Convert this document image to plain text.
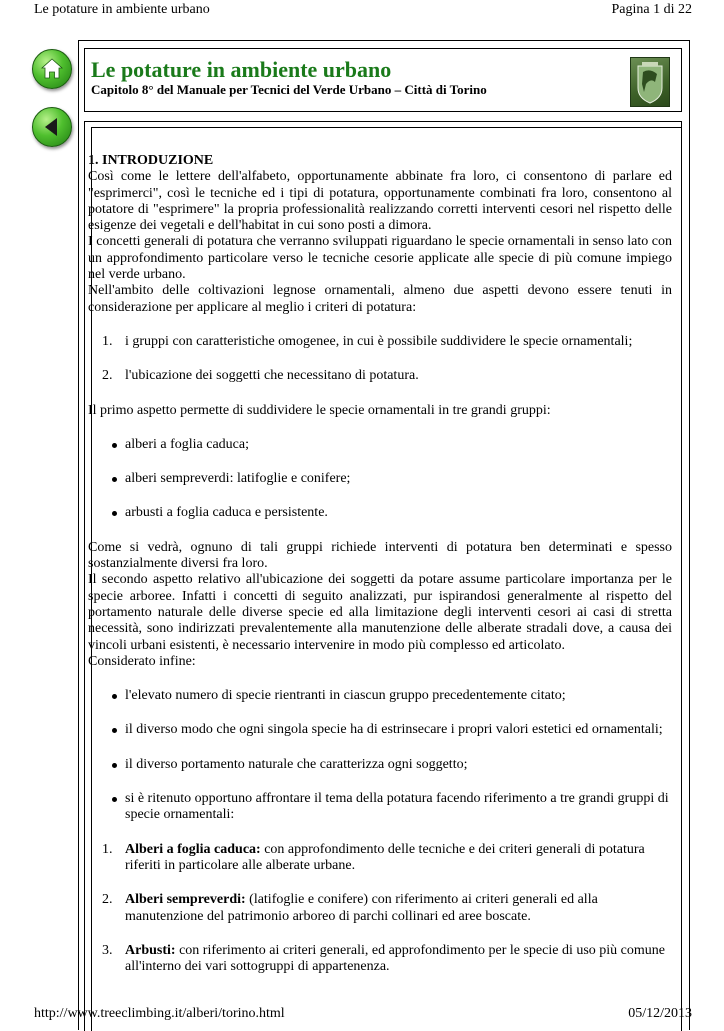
Le potature in ambiente urbano	Pagina 1 di 22
Le potature in ambiente urbano
Capitolo 8° del Manuale per Tecnici del Verde Urbano – Città di Torino
1. INTRODUZIONE

Così come le lettere dell'alfabeto, opportunamente abbinate fra loro, ci consentono di parlare ed "esprimerci", così le tecniche ed i tipi di potatura, opportunamente combinati fra loro, consentono al potatore di "esprimere" la propria professionalità realizzando corretti interventi cesori nel rispetto delle esigenze dei vegetali e dell'habitat in cui sono posti a dimora.

I concetti generali di potatura che verranno sviluppati riguardano le specie ornamentali in senso lato con un approfondimento particolare verso le tecniche cesorie applicate alle specie di più comune impiego nel verde urbano.

Nell'ambito delle coltivazioni legnose ornamentali, almeno due aspetti devono essere tenuti in considerazione per applicare al meglio i criteri di potatura:

1. i gruppi con caratteristiche omogenee, in cui è possibile suddividere le specie ornamentali;
2. l'ubicazione dei soggetti che necessitano di potatura.

Il primo aspetto permette di suddividere le specie ornamentali in tre grandi gruppi:

alberi a foglia caduca;
alberi sempreverdi: latifoglie e conifere;
arbusti a foglia caduca e persistente.

Come si vedrà, ognuno di tali gruppi richiede interventi di potatura ben determinati e spesso sostanzialmente diversi fra loro.

Il secondo aspetto relativo all'ubicazione dei soggetti da potare assume particolare importanza per le specie arboree. Infatti i concetti di seguito analizzati, pur ispirandosi generalmente al rispetto del portamento naturale delle diverse specie ed alla limitazione degli interventi cesori ai casi di stretta necessità, sono indirizzati prevalentemente alla manutenzione delle alberate stradali dove, a causa dei vincoli urbani esistenti, è necessario intervenire in modo più complesso ed articolato.

Considerato infine:

l'elevato numero di specie rientranti in ciascun gruppo precedentemente citato;
il diverso modo che ogni singola specie ha di estrinsecare i propri valori estetici ed ornamentali;
il diverso portamento naturale che caratterizza ogni soggetto;
si è ritenuto opportuno affrontare il tema della potatura facendo riferimento a tre grandi gruppi di specie ornamentali:
1. Alberi a foglia caduca: con approfondimento delle tecniche e dei criteri generali di potatura riferiti in particolare alle alberate urbane.
2. Alberi sempreverdi: (latifoglie e conifere) con riferimento ai criteri generali ed alla manutenzione del patrimonio arboreo di parchi collinari ed aree boscate.
3. Arbusti: con riferimento ai criteri generali, ed approfondimento per le specie di uso più comune all'interno dei vari sottogruppi di appartenenza.
http://www.treeclimbing.it/alberi/torino.html	05/12/2013
